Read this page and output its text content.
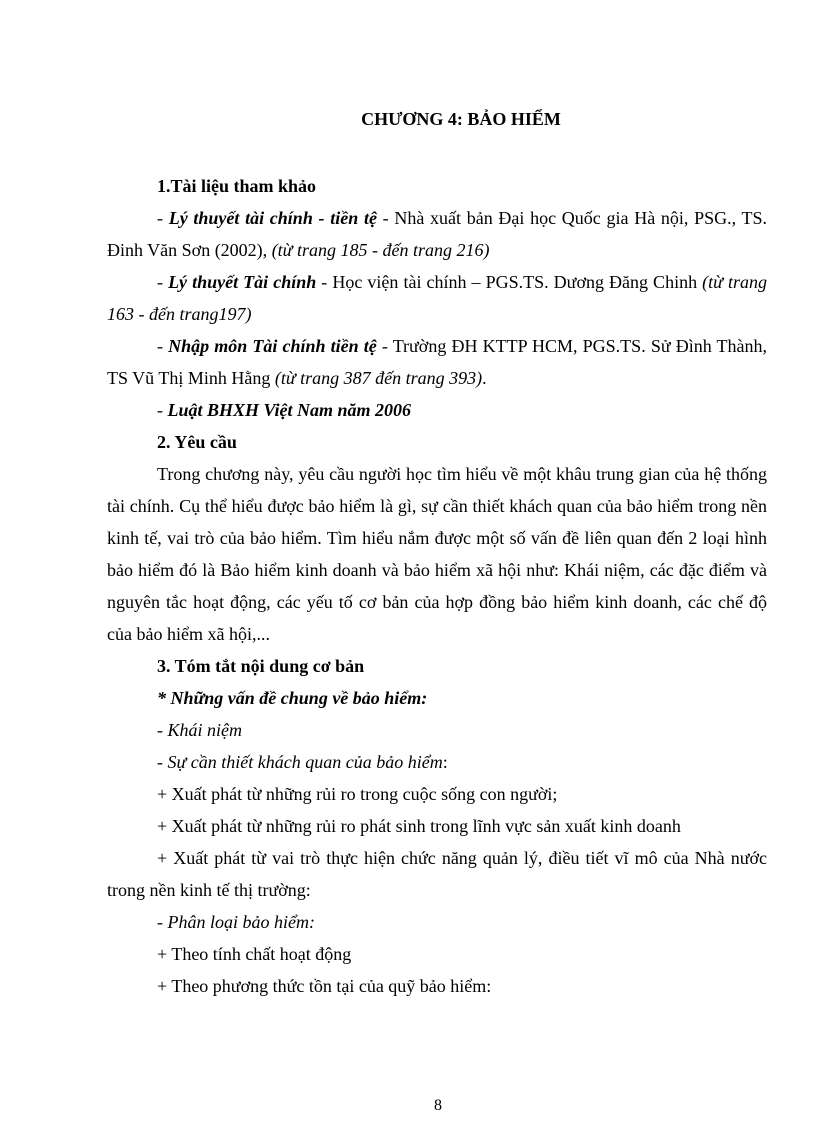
CHƯƠNG 4: BẢO HIỂM

1.Tài liệu tham khảo

- Lý thuyết tài chính - tiền tệ - Nhà xuất bản Đại học Quốc gia Hà nội, PSG., TS. Đinh Văn Sơn (2002), (từ trang 185 - đến trang 216)

- Lý thuyết Tài chính - Học viện tài chính – PGS.TS. Dương Đăng Chinh (từ trang 163 - đến trang197)

- Nhập môn Tài chính tiền tệ - Trường ĐH KTTP HCM, PGS.TS. Sử Đình Thành, TS Vũ Thị Minh Hằng (từ trang 387 đến trang 393).

- Luật BHXH Việt Nam năm 2006

2. Yêu cầu

Trong chương này, yêu cầu người học tìm hiểu về một khâu trung gian của hệ thống tài chính. Cụ thể hiểu được bảo hiểm là gì, sự cần thiết khách quan của bảo hiểm trong nền kinh tế, vai trò của bảo hiểm. Tìm hiểu nắm được một số vấn đề liên quan đến 2 loại hình bảo hiểm đó là Bảo hiểm kinh doanh và bảo hiểm xã hội như: Khái niệm, các đặc điểm và nguyên tắc hoạt động, các yếu tố cơ bản của hợp đồng bảo hiểm kinh doanh, các chế độ của bảo hiểm xã hội,...

3. Tóm tắt nội dung cơ bản

* Những vấn đề chung về bảo hiểm:

- Khái niệm

- Sự cần thiết khách quan của bảo hiểm:

+ Xuất phát từ những rủi ro trong cuộc sống con người;

+ Xuất phát từ những rủi ro phát sinh trong lĩnh vực sản xuất kinh doanh

+ Xuất phát từ vai trò thực hiện chức năng quản lý, điều tiết vĩ mô của Nhà nước trong nền kinh tế thị trường:

- Phân loại bảo hiểm:

+ Theo tính chất hoạt động

+ Theo phương thức tồn tại của quỹ bảo hiểm:

8
